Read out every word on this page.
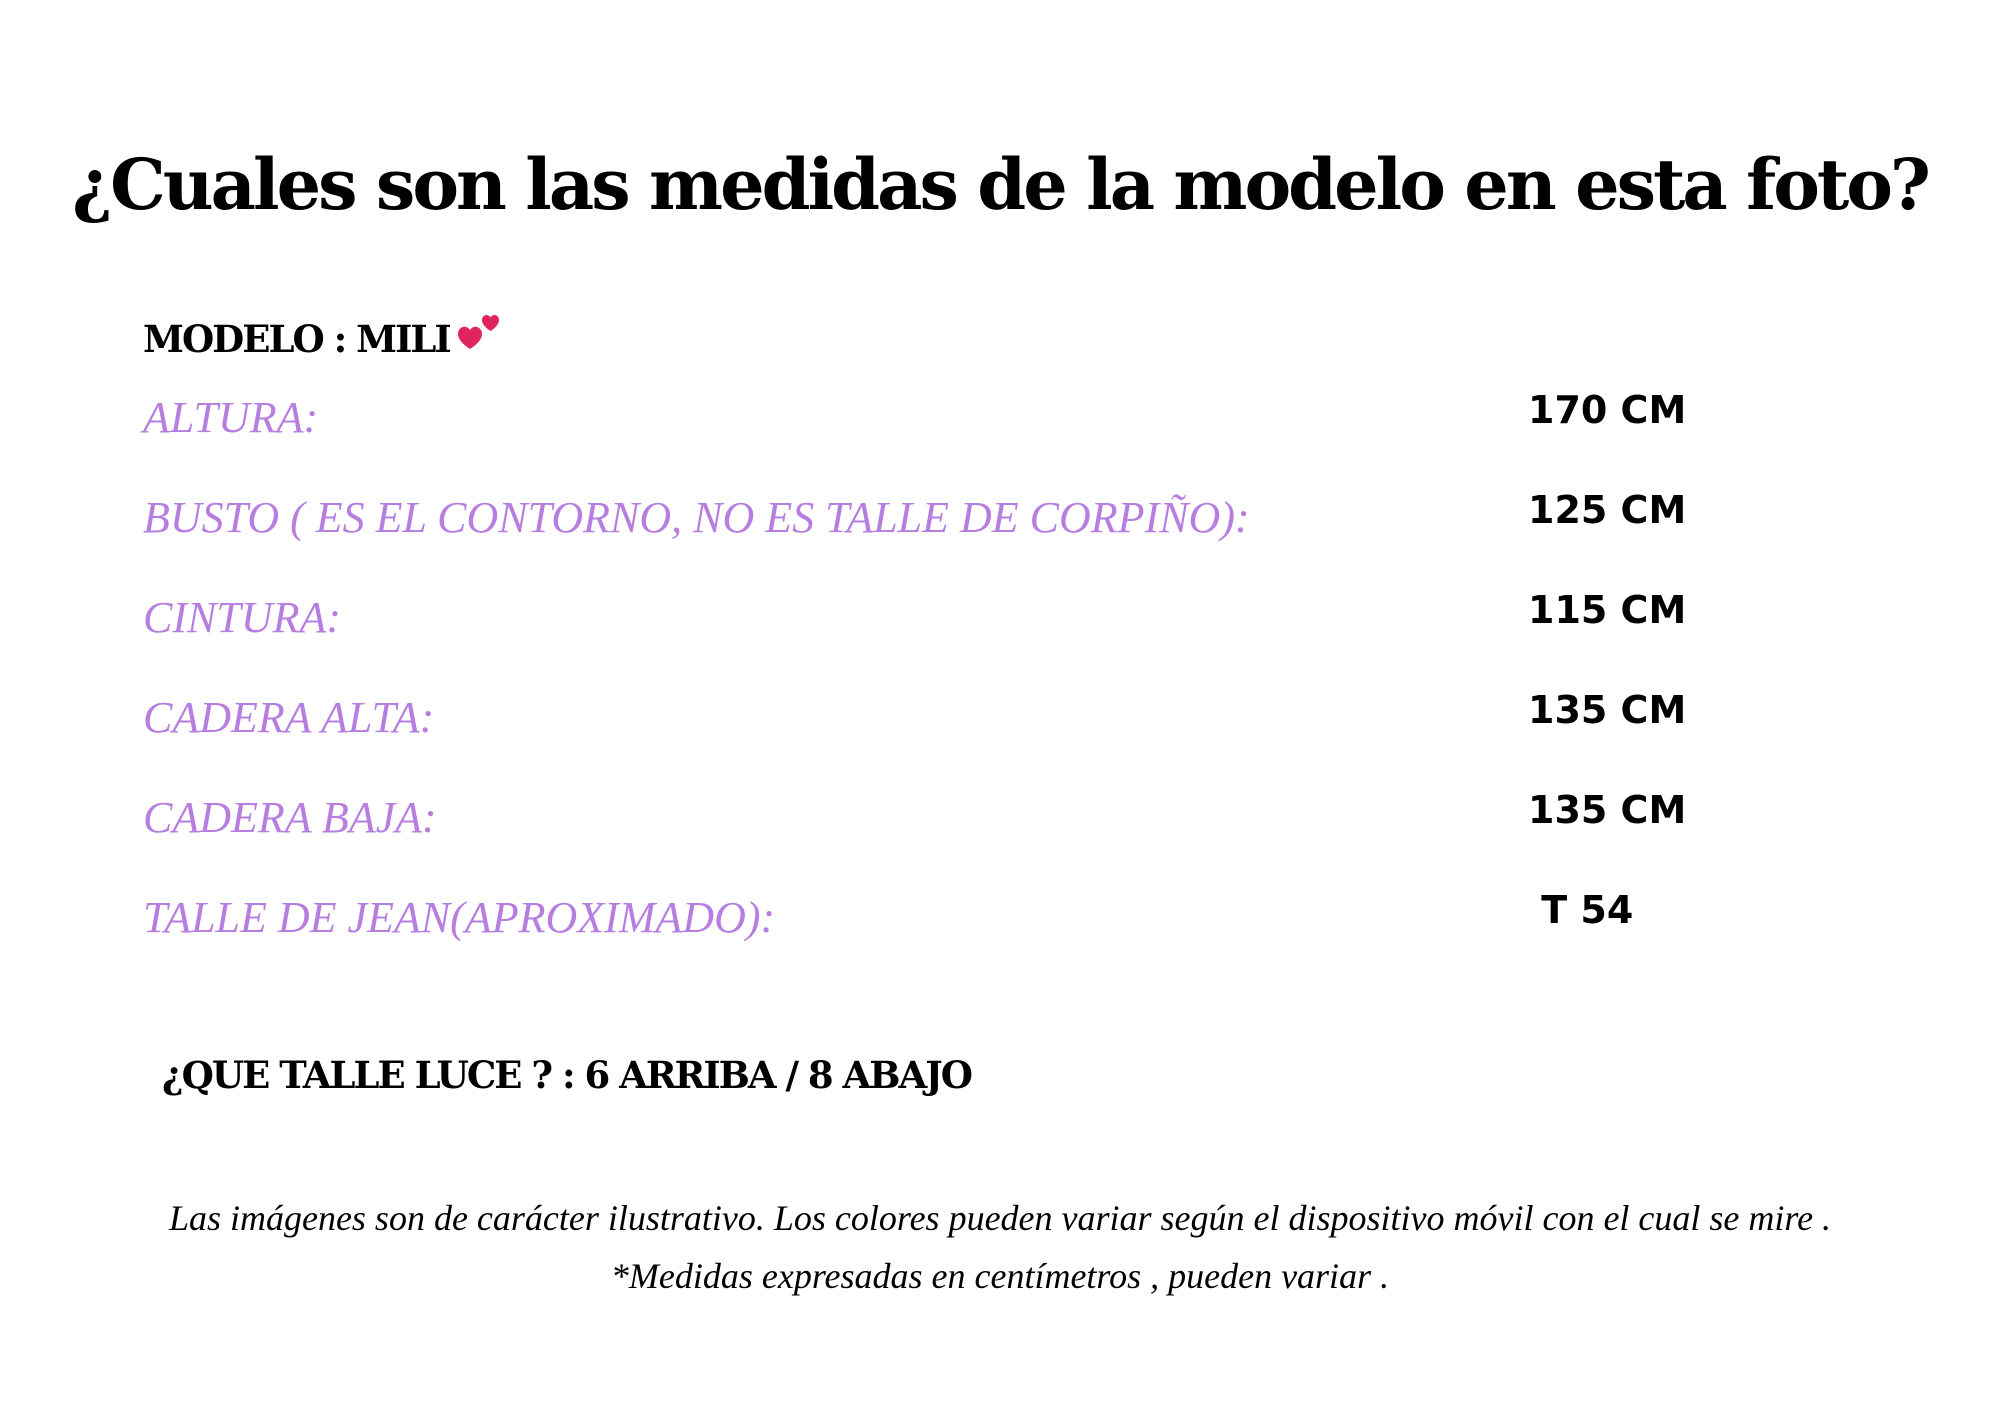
¿Cuales son las medidas de la modelo en esta foto?
MODELO : MILI
ALTURA:	170 CM
BUSTO ( ES EL CONTORNO, NO ES TALLE DE CORPIÑO):	125 CM
CINTURA:	115 CM
CADERA ALTA:	135 CM
CADERA BAJA:	135 CM
TALLE DE JEAN(APROXIMADO):	T 54
¿QUE TALLE LUCE ? : 6 ARRIBA / 8 ABAJO
Las imágenes son de carácter ilustrativo. Los colores pueden variar según el dispositivo móvil con el cual se mire .
*Medidas expresadas en centímetros , pueden variar .
